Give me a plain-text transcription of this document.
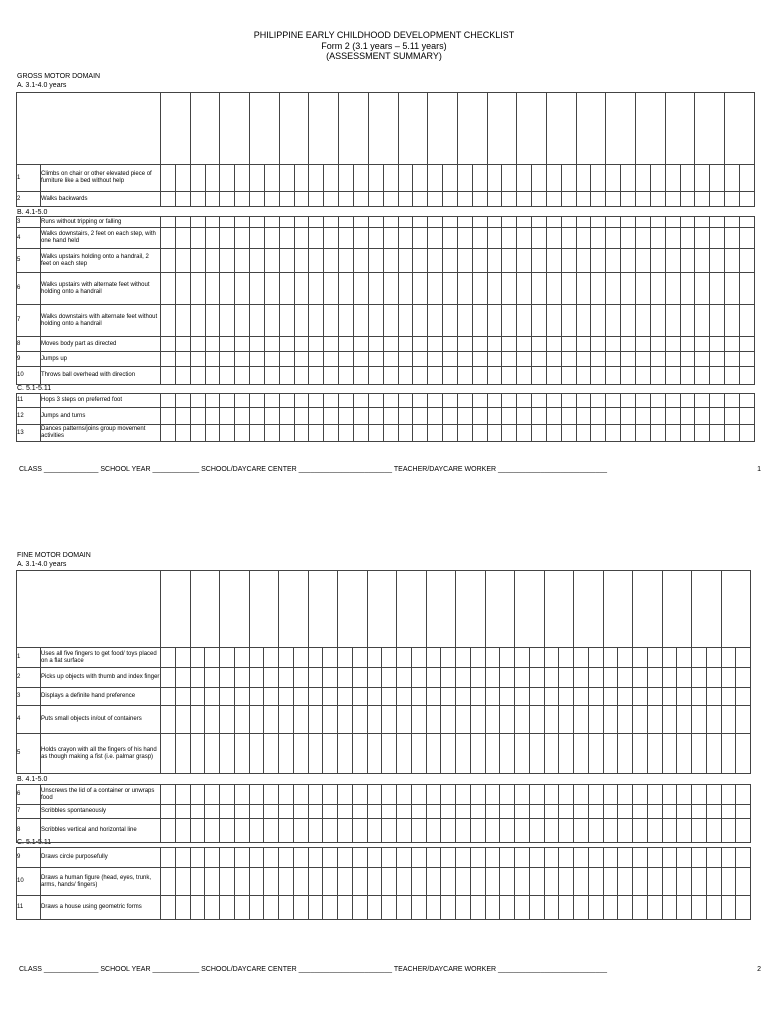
PHILIPPINE EARLY CHILDHOOD DEVELOPMENT CHECKLIST
Form 2 (3.1 years – 5.11 years)
(ASSESSMENT SUMMARY)
GROSS MOTOR DOMAIN
A. 3.1-4.0 years
B. 4.1-5.0
C. 5.1-5.11

1	Climbs on chair or other elevated piece of furniture like a bed without help																																								
2	Walks backwards																																								
3	Runs without tripping or falling																																								
4	Walks downstairs, 2 feet on each step, with one hand held																																								
5	Walks upstairs holding onto a handrail, 2 feet on each step																																								
6	Walks upstairs with alternate feet without holding onto a handrail																																								
7	Walks downstairs with alternate feet without holding onto a handrail																																								
8	Moves body part as directed																																								
9	Jumps up																																								
10	Throws ball overhead with direction																																								
11	Hops 3 steps on preferred foot																																								
12	Jumps and turns																																								
13	Dances patterns/joins group movement activities																																								
CLASS ______________ SCHOOL YEAR ____________ SCHOOL/DAYCARE CENTER ________________________ TEACHER/DAYCARE WORKER ____________________________	1
FINE MOTOR DOMAIN
A. 3.1-4.0 years
B. 4.1-5.0
C. 5.1-5.11

1	Uses all five fingers to get food/ toys placed on a flat surface																																								
2	Picks up objects with thumb and index finger																																								
3	Displays a definite hand preference																																								
4	Puts small objects in/out of containers																																								
5	Holds crayon with all the fingers of his hand as though making a fist (i.e. palmar grasp)																																								
6	Unscrews the lid of a container or unwraps food																																								
7	Scribbles spontaneously																																								
8	Scribbles vertical and horizontal line																																								
9	Draws circle purposefully																																								
10	Draws a human figure (head, eyes, trunk, arms, hands/ fingers)																																								
11	Draws a house using geometric forms																																								
CLASS ______________ SCHOOL YEAR ____________ SCHOOL/DAYCARE CENTER ________________________ TEACHER/DAYCARE WORKER ____________________________	2
